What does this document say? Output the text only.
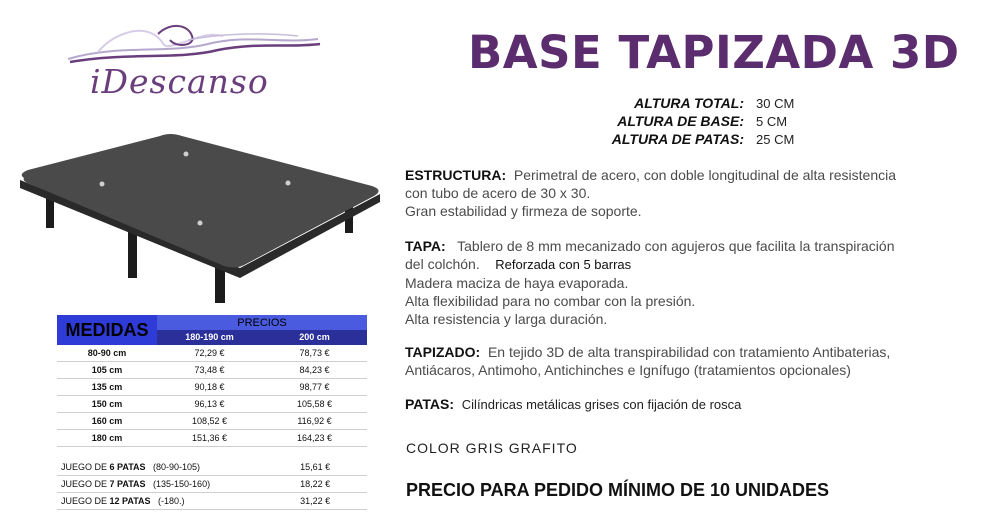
iDescanso
BASE TAPIZADA 3D
ALTURA TOTAL: 30 CM
ALTURA DE BASE: 5 CM
ALTURA DE PATAS: 25 CM
ESTRUCTURA: Perimetral de acero, con doble longitudinal de alta resistencia
con tubo de acero de 30 x 30.
Gran estabilidad y firmeza de soporte.
TAPA: Tablero de 8 mm mecanizado con agujeros que facilita la transpiración
del colchón. Reforzada con 5 barras
Madera maciza de haya evaporada.
Alta flexibilidad para no combar con la presión.
Alta resistencia y larga duración.
TAPIZADO: En tejido 3D de alta transpirabilidad con tratamiento Antibaterias,
Antiácaros, Antimoho, Antichinches e Ignífugo (tratamientos opcionales)
PATAS: Cilíndricas metálicas grises con fijación de rosca
COLOR GRIS GRAFITO
PRECIO PARA PEDIDO MÍNIMO DE 10 UNIDADES
MEDIDAS	PRECIOS
180-190 cm	200 cm
80-90 cm	72,29 €	78,73 €
105 cm	73,48 €	84,23 €
135 cm	90,18 €	98,77 €
150 cm	96,13 €	105,58 €
160 cm	108,52 €	116,92 €
180 cm	151,36 €	164,23 €
JUEGO DE 6 PATAS   (80-90-105)	15,61 €
JUEGO DE 7 PATAS   (135-150-160)	18,22 €
JUEGO DE 12 PATAS   (-180.)	31,22 €
